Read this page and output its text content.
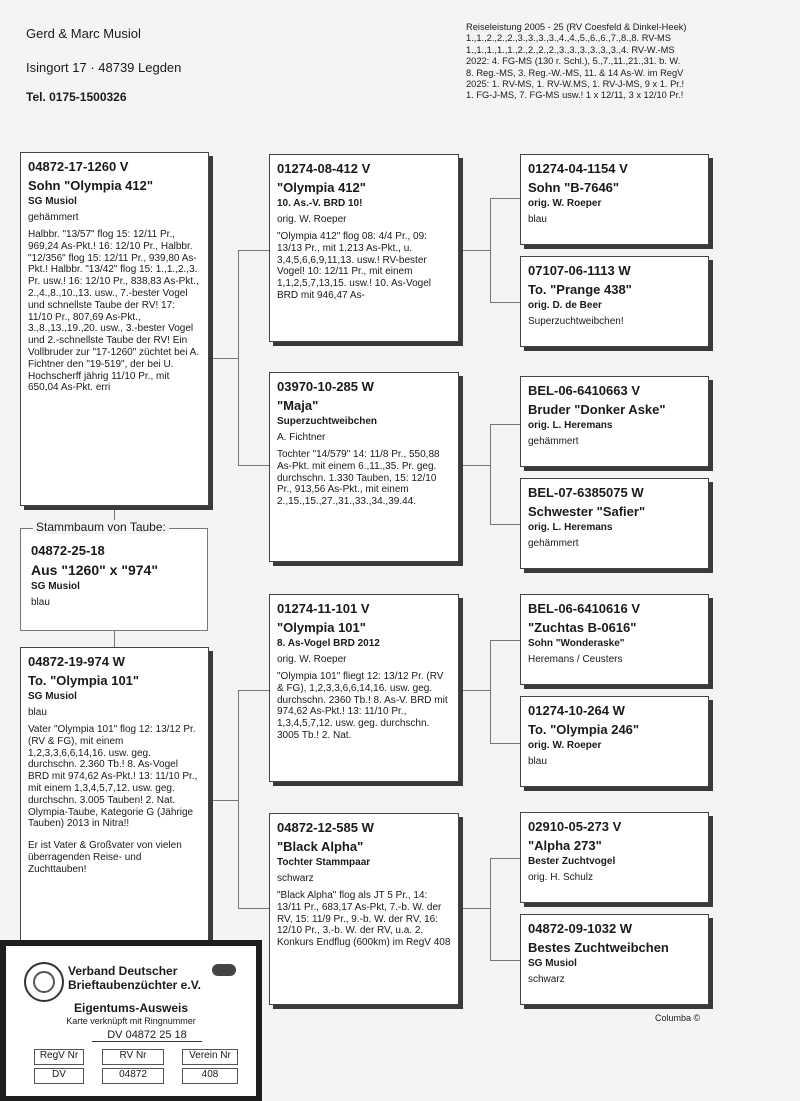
Gerd & Marc Musiol
Isingort 17 · 48739 Legden
Tel. 0175-1500326
Reiseleistung 2005 - 25 (RV Coesfeld & Dinkel-Heek)
1.,1.,2.,2.,2.,3.,3.,3.,3.,4.,4.,5.,6.,6.,7.,8.,8. RV-MS
1.,1.,1.,1.,1.,2.,2.,2.,2.,3.,3.,3.,3.,3.,3.,4. RV-W.-MS
2022: 4. FG-MS (130 r. Schl.), 5.,7.,11.,21.,31. b. W.
8. Reg.-MS, 3. Reg.-W.-MS, 11. & 14 As-W. im RegV
2025: 1. RV-MS, 1. RV-W.MS, 1. RV-J-MS, 9 x 1. Pr.!
1. FG-J-MS, 7. FG-MS usw.! 1 x 12/11, 3 x 12/10 Pr.!
04872-17-1260 V
Sohn "Olympia 412"
SG Musiol
gehämmert
Halbbr. "13/57" flog 15: 12/11 Pr., 969,24 As-Pkt.! 16: 12/10 Pr., Halbbr. "12/356" flog 15: 12/11 Pr., 939,80 As-Pkt.! Halbbr. "13/42" flog 15: 1.,1.,2.,3. Pr. usw.! 16: 12/10 Pr., 838,83 As-Pkt., 2.,4.,8.,10.,13. usw., 7.-bester Vogel und schnellste Taube der RV! 17: 11/10 Pr., 807,69 As-Pkt., 3.,8.,13.,19.,20. usw., 3.-bester Vogel und 2.-schnellste Taube der RV! Ein Vollbruder zur "17-1260" züchtet bei A. Fichtner den "19-519", der bei U. Hochscherff jährig 11/10 Pr., mit 650,04 As-Pkt. erri
Stammbaum von Taube:
04872-25-18
Aus "1260" x "974"
SG Musiol
blau
04872-19-974 W
To. "Olympia 101"
SG Musiol
blau
Vater "Olympia 101" flog 12: 13/12 Pr. (RV & FG), mit einem 1,2,3,3,6,6,14,16. usw. geg. durchschn. 2.360 Tb.! 8. As-Vogel BRD mit 974,62 As-Pkt.! 13: 11/10 Pr., mit einem 1,3,4,5,7,12. usw. geg. durchschn. 3.005 Tauben! 2. Nat. Olympia-Taube, Kategorie G (Jährige Tauben) 2013 in Nitra!!
Er ist Vater & Großvater von vielen überragenden Reise- und Zuchttauben!
01274-08-412 V
"Olympia 412"
10. As.-V. BRD 10!
orig. W. Roeper
"Olympia 412" flog 08: 4/4 Pr., 09: 13/13 Pr., mit 1.213 As-Pkt., u. 3,4,5,6,6,9,11,13. usw.! RV-bester Vogel! 10: 12/11 Pr., mit einem 1,1,2,5,7,13,15. usw.! 10. As-Vogel BRD mit 946,47 As-
03970-10-285 W
"Maja"
Superzuchtweibchen
A. Fichtner
Tochter "14/579" 14: 11/8 Pr., 550,88 As-Pkt. mit einem 6.,11.,35. Pr. geg. durchschn. 1.330 Tauben, 15: 12/10 Pr., 913,56 As-Pkt., mit einem 2.,15.,15.,27.,31.,33.,34.,39.44.
01274-11-101 V
"Olympia 101"
8. As-Vogel BRD 2012
orig. W. Roeper
"Olympia 101" fliegt 12: 13/12 Pr. (RV & FG), 1,2,3,3,6,6,14,16. usw. geg. durchschn. 2360 Tb.! 8. As-V. BRD mit 974,62 As-Pkt.! 13: 11/10 Pr., 1,3,4,5,7,12. usw. geg. durchschn. 3005 Tb.! 2. Nat.
04872-12-585 W
"Black Alpha"
Tochter Stammpaar
schwarz
"Black Alpha" flog als JT 5 Pr., 14: 13/11 Pr., 683,17 As-Pkt, 7.-b. W. der RV, 15: 11/9 Pr., 9.-b. W. der RV, 16: 12/10 Pr., 3.-b. W. der RV, u.a. 2. Konkurs Endflug (600km) im RegV 408
01274-04-1154 V
Sohn "B-7646"
orig. W. Roeper
blau
07107-06-1113 W
To. "Prange 438"
orig. D. de Beer
Superzuchtweibchen!
BEL-06-6410663 V
Bruder "Donker Aske"
orig. L. Heremans
gehämmert
BEL-07-6385075 W
Schwester "Safier"
orig. L. Heremans
gehämmert
BEL-06-6410616 V
"Zuchtas B-0616"
Sohn "Wonderaske"
Heremans / Ceusters
01274-10-264 W
To. "Olympia 246"
orig. W. Roeper
blau
02910-05-273 V
"Alpha 273"
Bester Zuchtvogel
orig. H. Schulz
04872-09-1032 W
Bestes Zuchtweibchen
SG Musiol
schwarz
Columba ©
Verband Deutscher
Brieftaubenzüchter e.V.
Eigentums-Ausweis
Karte verknüpft mit Ringnummer
DV 04872 25 18
RegV Nr	RV Nr	Verein Nr
DV	04872	408
